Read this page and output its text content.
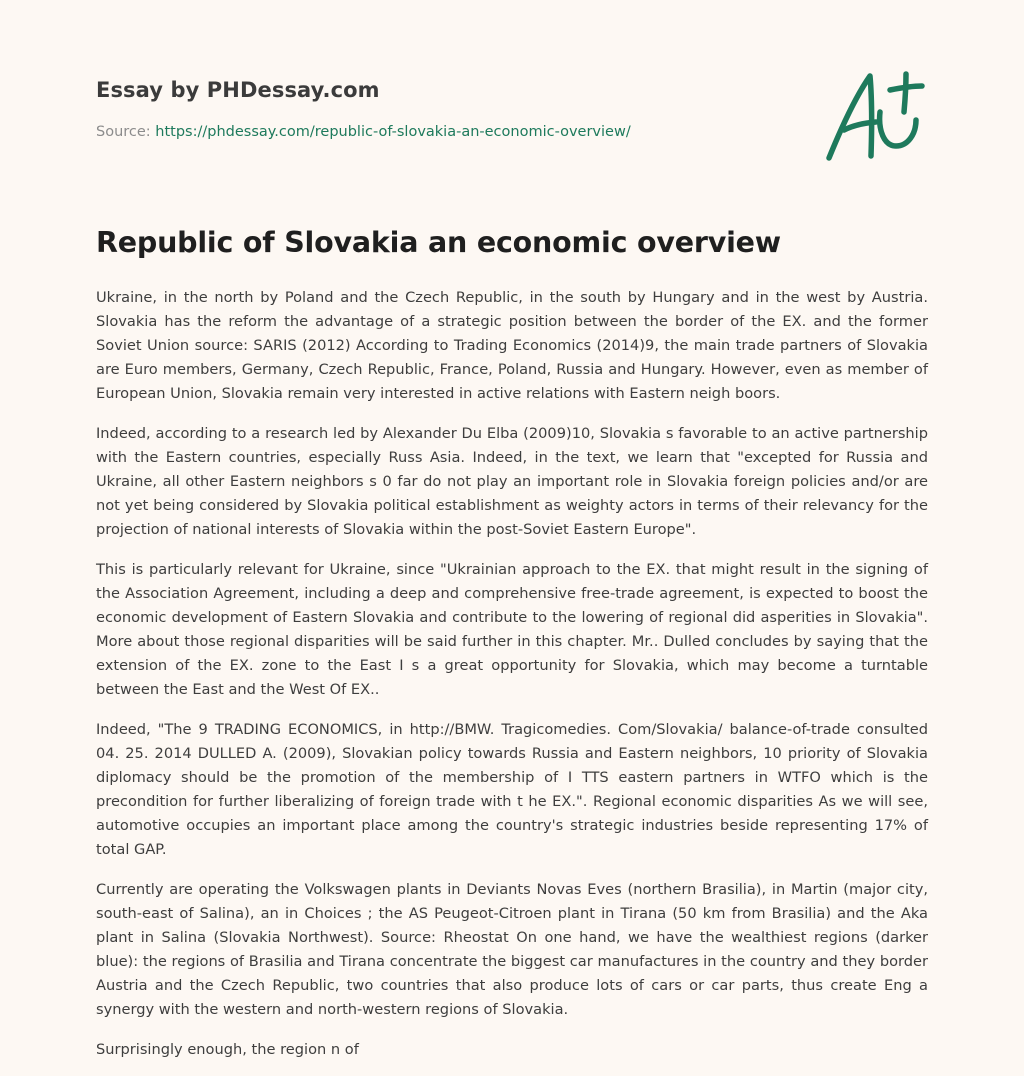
Essay by PHDessay.com
Source: https://phdessay.com/republic-of-slovakia-an-economic-overview/
Republic of Slovakia an economic overview

Ukraine, in the north by Poland and the Czech Republic, in the south by Hungary and in the west by Austria. Slovakia has the reform the advantage of a strategic position between the border of the EX. and the former Soviet Union source: SARIS (2012) According to Trading Economics (2014)9, the main trade partners of Slovakia are Euro members, Germany, Czech Republic, France, Poland, Russia and Hungary. However, even as member of European Union, Slovakia remain very interested in active relations with Eastern neigh boors.

Indeed, according to a research led by Alexander Du Elba (2009)10, Slovakia s favorable to an active partnership with the Eastern countries, especially Russ Asia. Indeed, in the text, we learn that "excepted for Russia and Ukraine, all other Eastern neighbors s 0 far do not play an important role in Slovakia foreign policies and/or are not yet being considered by Slovakia political establishment as weighty actors in terms of their relevancy for the projection of national interests of Slovakia within the post-Soviet Eastern Europe".

This is particularly relevant for Ukraine, since "Ukrainian approach to the EX. that might result in the signing of the Association Agreement, including a deep and comprehensive free-trade agreement, is expected to boost the economic development of Eastern Slovakia and contribute to the lowering of regional did asperities in Slovakia". More about those regional disparities will be said further in this chapter. Mr.. Dulled concludes by saying that the extension of the EX. zone to the East I s a great opportunity for Slovakia, which may become a turntable between the East and the West Of EX..

Indeed, "The 9 TRADING ECONOMICS, in http://BMW. Tragicomedies. Com/Slovakia/ balance-of-trade consulted 04. 25. 2014 DULLED A. (2009), Slovakian policy towards Russia and Eastern neighbors, 10 priority of Slovakia diplomacy should be the promotion of the membership of I TTS eastern partners in WTFO which is the precondition for further liberalizing of foreign trade with t he EX.". Regional economic disparities As we will see, automotive occupies an important place among the country's strategic industries beside representing 17% of total GAP.

Currently are operating the Volkswagen plants in Deviants Novas Eves (northern Brasilia), in Martin (major city, south-east of Salina), an in Choices ; the AS Peugeot-Citroen plant in Tirana (50 km from Brasilia) and the Aka plant in Salina (Slovakia Northwest). Source: Rheostat On one hand, we have the wealthiest regions (darker blue): the regions of Brasilia and Tirana concentrate the biggest car manufactures in the country and they border Austria and the Czech Republic, two countries that also produce lots of cars or car parts, thus create Eng a synergy with the western and north-western regions of Slovakia.

Surprisingly enough, the region n of
